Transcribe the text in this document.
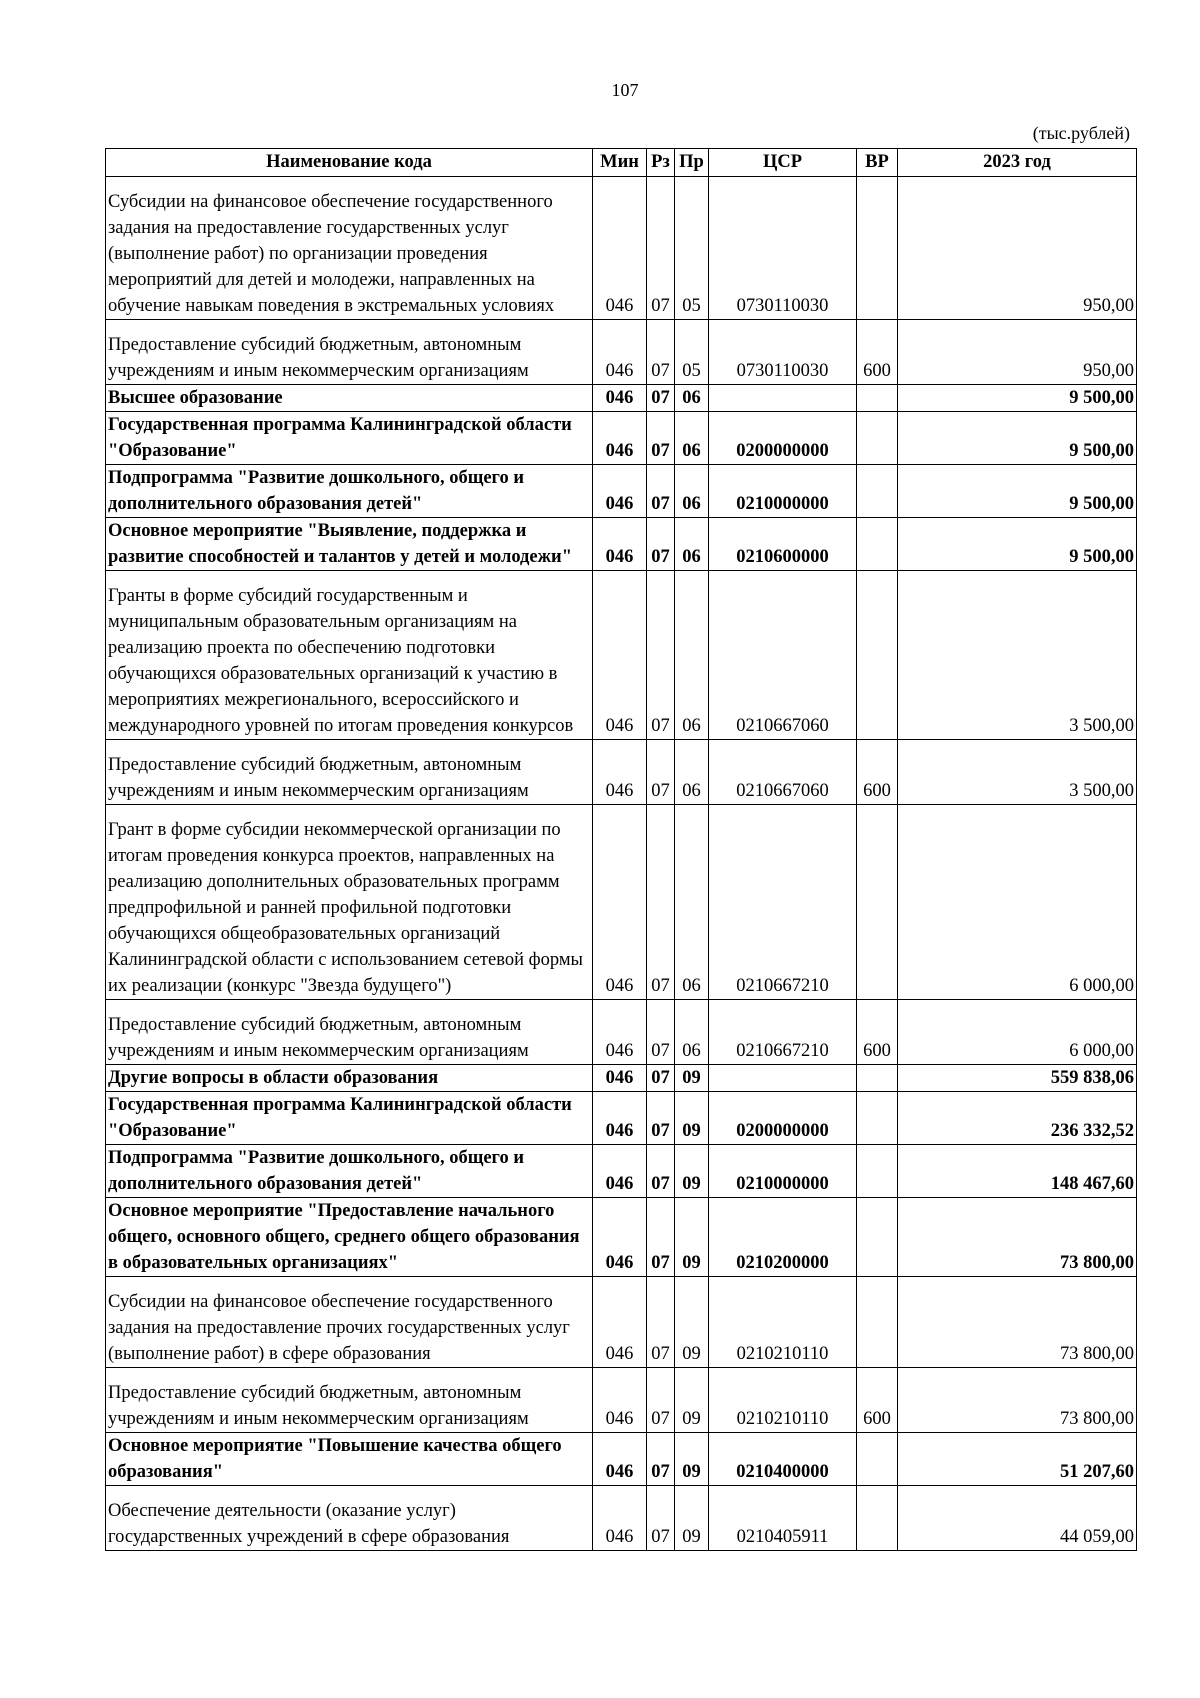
107
(тыс.рублей)
Наименование кода	Мин	Рз	Пр	ЦСР	ВР	2023 год
Субсидии на финансовое обеспечение государственного задания на предоставление государственных услуг (выполнение работ) по организации проведения мероприятий для детей и молодежи, направленных на обучение навыкам поведения в экстремальных условиях	046	07	05	0730110030		950,00
Предоставление субсидий бюджетным, автономным учреждениям и иным некоммерческим организациям	046	07	05	0730110030	600	950,00
Высшее образование	046	07	06			9 500,00
Государственная программа Калининградской области "Образование"	046	07	06	0200000000		9 500,00
Подпрограмма "Развитие дошкольного, общего и дополнительного образования детей"	046	07	06	0210000000		9 500,00
Основное мероприятие "Выявление, поддержка и развитие способностей и талантов у детей и молодежи"	046	07	06	0210600000		9 500,00
Гранты в форме субсидий государственным и муниципальным образовательным организациям на реализацию проекта по обеспечению подготовки обучающихся образовательных организаций к участию в мероприятиях межрегионального, всероссийского и международного уровней по итогам проведения конкурсов	046	07	06	0210667060		3 500,00
Предоставление субсидий бюджетным, автономным учреждениям и иным некоммерческим организациям	046	07	06	0210667060	600	3 500,00
Грант в форме субсидии некоммерческой организации по итогам проведения конкурса проектов, направленных на реализацию дополнительных образовательных программ предпрофильной и ранней профильной подготовки обучающихся общеобразовательных организаций Калининградской области с использованием сетевой формы их реализации (конкурс "Звезда будущего")	046	07	06	0210667210		6 000,00
Предоставление субсидий бюджетным, автономным учреждениям и иным некоммерческим организациям	046	07	06	0210667210	600	6 000,00
Другие вопросы в области образования	046	07	09			559 838,06
Государственная программа Калининградской области "Образование"	046	07	09	0200000000		236 332,52
Подпрограмма "Развитие дошкольного, общего и дополнительного образования детей"	046	07	09	0210000000		148 467,60
Основное мероприятие "Предоставление начального общего, основного общего, среднего общего образования в образовательных организациях"	046	07	09	0210200000		73 800,00
Субсидии на финансовое обеспечение государственного задания на предоставление прочих государственных услуг (выполнение работ) в сфере образования	046	07	09	0210210110		73 800,00
Предоставление субсидий бюджетным, автономным учреждениям и иным некоммерческим организациям	046	07	09	0210210110	600	73 800,00
Основное мероприятие "Повышение качества общего образования"	046	07	09	0210400000		51 207,60
Обеспечение деятельности (оказание услуг) государственных учреждений в сфере образования	046	07	09	0210405911		44 059,00
